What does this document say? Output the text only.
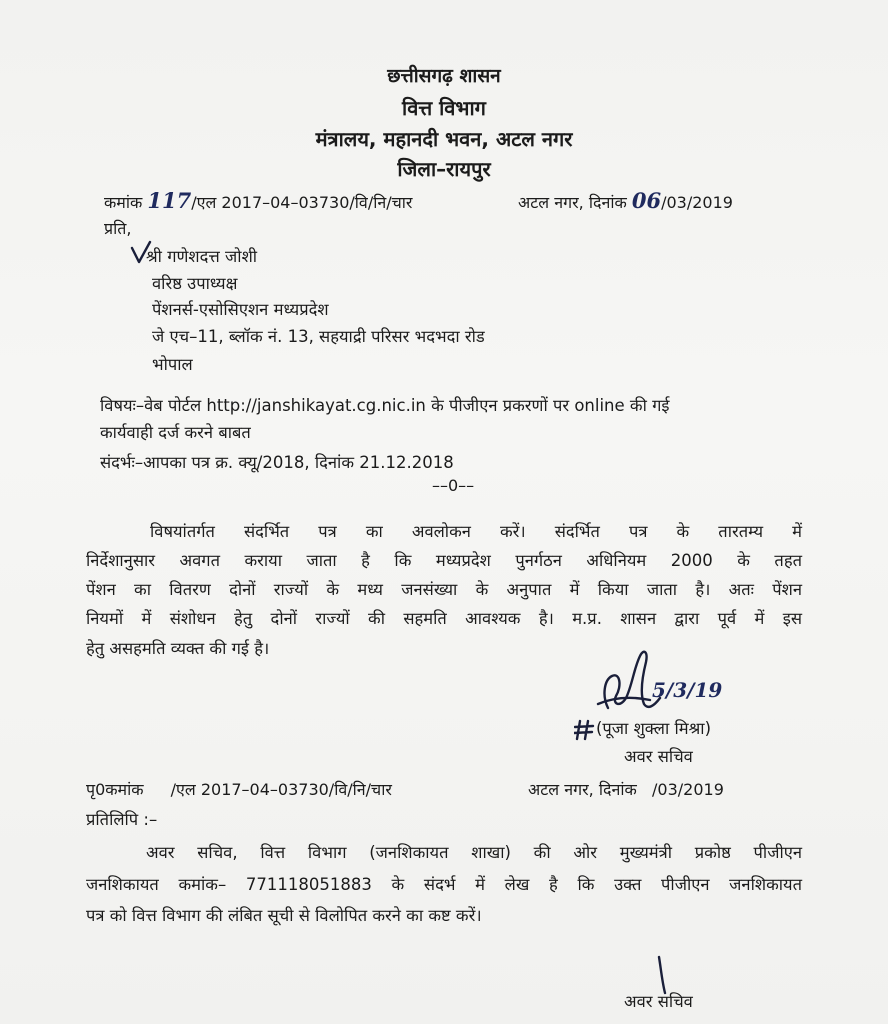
छत्तीसगढ़ शासन
वित्त विभाग
मंत्रालय, महानदी भवन, अटल नगर
जिला–रायपुर
कमांक 117/एल 2017–04–03730/वि/नि/चार	अटल नगर, दिनांक 06/03/2019
प्रति,
श्री गणेशदत्त जोशी
वरिष्ठ उपाध्यक्ष
पेंशनर्स-एसोसिएशन मध्यप्रदेश
जे एच–11, ब्लॉक नं. 13, सहयाद्री परिसर भदभदा रोड
भोपाल
विषयः–वेब पोर्टल http://janshikayat.cg.nic.in के पीजीएन प्रकरणों पर online की गई
कार्यवाही दर्ज करने बाबत
संदर्भः–आपका पत्र क्र. क्यू/2018, दिनांक 21.12.2018
––0––
विषयांतर्गत संदर्भित पत्र का अवलोकन करें। संदर्भित पत्र के तारतम्य में
निर्देशानुसार अवगत कराया जाता है कि मध्यप्रदेश पुनर्गठन अधिनियम 2000 के तहत
पेंशन का वितरण दोनों राज्यों के मध्य जनसंख्या के अनुपात में किया जाता है। अतः पेंशन
नियमों में संशोधन हेतु दोनों राज्यों की सहमति आवश्यक है। म.प्र. शासन द्वारा पूर्व में इस
हेतु असहमति व्यक्त की गई है।
5/3/19
(पूजा शुक्ला मिश्रा)
अवर सचिव
पृ0कमांक /एल 2017–04–03730/वि/नि/चार	अटल नगर, दिनांक   /03/2019
प्रतिलिपि :–
अवर सचिव, वित्त विभाग (जनशिकायत शाखा) की ओर मुख्यमंत्री प्रकोष्ठ पीजीएन
जनशिकायत कमांक– 771118051883 के संदर्भ में लेख है कि उक्त पीजीएन जनशिकायत
पत्र को वित्त विभाग की लंबित सूची से विलोपित करने का कष्ट करें।
अवर सचिव
